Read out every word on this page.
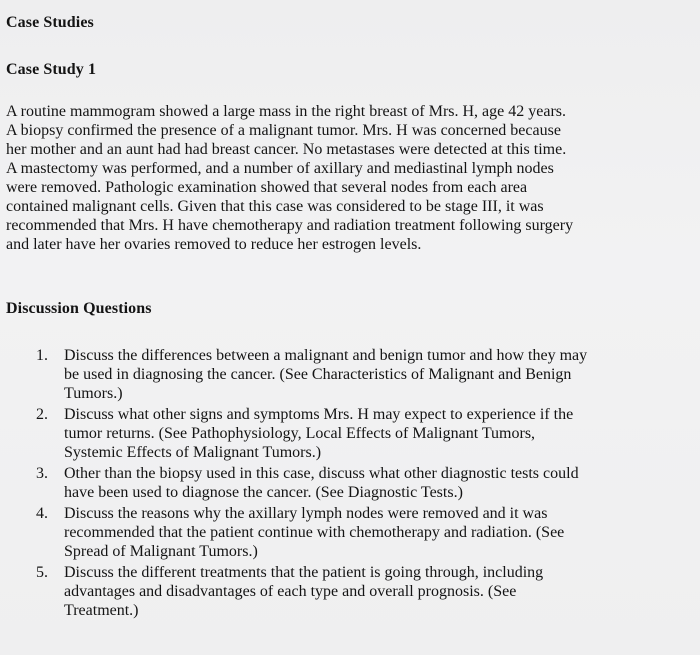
Case Studies
Case Study 1
A routine mammogram showed a large mass in the right breast of Mrs. H, age 42 years.
A biopsy confirmed the presence of a malignant tumor. Mrs. H was concerned because
her mother and an aunt had had breast cancer. No metastases were detected at this time.
A mastectomy was performed, and a number of axillary and mediastinal lymph nodes
were removed. Pathologic examination showed that several nodes from each area
contained malignant cells. Given that this case was considered to be stage III, it was
recommended that Mrs. H have chemotherapy and radiation treatment following surgery
and later have her ovaries removed to reduce her estrogen levels.
Discussion Questions
1. Discuss the differences between a malignant and benign tumor and how they may
be used in diagnosing the cancer. (See Characteristics of Malignant and Benign
Tumors.)
2. Discuss what other signs and symptoms Mrs. H may expect to experience if the
tumor returns. (See Pathophysiology, Local Effects of Malignant Tumors,
Systemic Effects of Malignant Tumors.)
3. Other than the biopsy used in this case, discuss what other diagnostic tests could
have been used to diagnose the cancer. (See Diagnostic Tests.)
4. Discuss the reasons why the axillary lymph nodes were removed and it was
recommended that the patient continue with chemotherapy and radiation. (See
Spread of Malignant Tumors.)
5. Discuss the different treatments that the patient is going through, including
advantages and disadvantages of each type and overall prognosis. (See
Treatment.)
